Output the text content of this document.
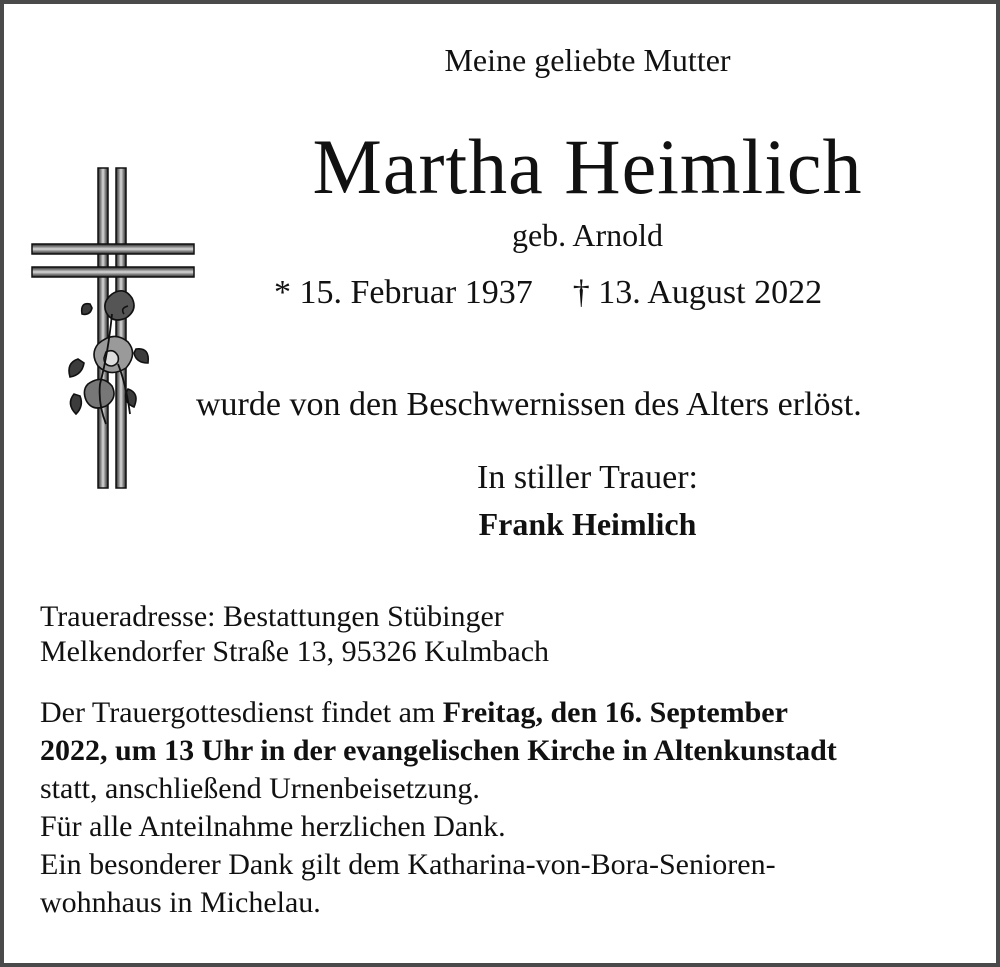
Meine geliebte Mutter
Martha Heimlich
geb. Arnold
* 15. Februar 1937 † 13. August 2022
wurde von den Beschwernissen des Alters erlöst.
In stiller Trauer:
Frank Heimlich
Traueradresse: Bestattungen Stübinger
Melkendorfer Straße 13, 95326 Kulmbach
Der Trauergottesdienst findet am Freitag, den 16. September
2022, um 13 Uhr in der evangelischen Kirche in Altenkunstadt
statt, anschließend Urnenbeisetzung.
Für alle Anteilnahme herzlichen Dank.
Ein besonderer Dank gilt dem Katharina-von-Bora-Senioren-
wohnhaus in Michelau.
